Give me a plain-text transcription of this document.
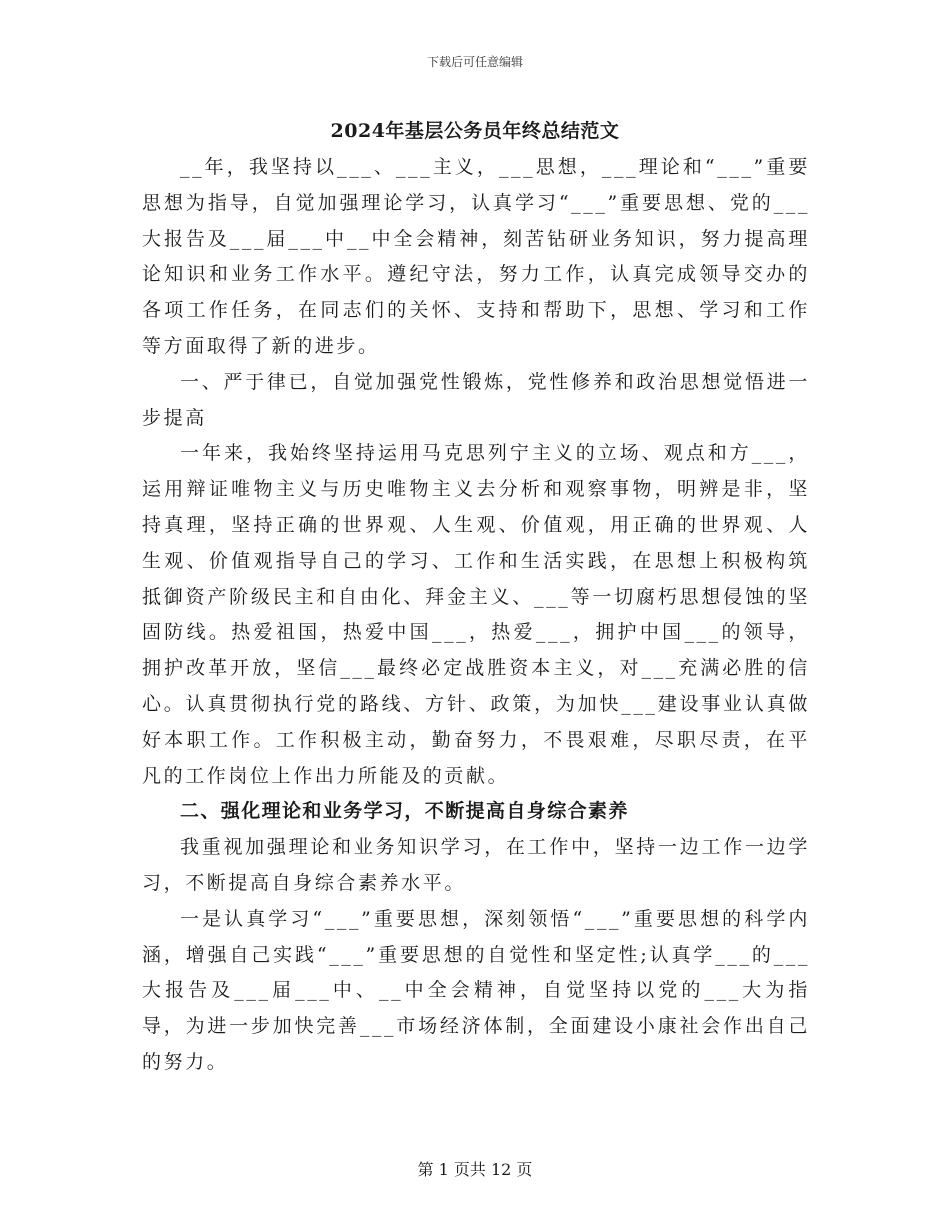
下载后可任意编辑
2024年基层公务员年终总结范文

__年，我坚持以___、___主义，___思想，___理论和“___”重要思想为指导，自觉加强理论学习，认真学习“___”重要思想、党的___大报告及___届___中__中全会精神，刻苦钻研业务知识，努力提高理论知识和业务工作水平。遵纪守法，努力工作，认真完成领导交办的各项工作任务，在同志们的关怀、支持和帮助下，思想、学习和工作等方面取得了新的进步。

一、严于律已，自觉加强党性锻炼，党性修养和政治思想觉悟进一步提高

一年来，我始终坚持运用马克思列宁主义的立场、观点和方___，运用辩证唯物主义与历史唯物主义去分析和观察事物，明辨是非，坚持真理，坚持正确的世界观、人生观、价值观，用正确的世界观、人生观、价值观指导自己的学习、工作和生活实践，在思想上积极构筑抵御资产阶级民主和自由化、拜金主义、___等一切腐朽思想侵蚀的坚固防线。热爱祖国，热爱中国___，热爱___，拥护中国___的领导，拥护改革开放，坚信___最终必定战胜资本主义，对___充满必胜的信心。认真贯彻执行党的路线、方针、政策，为加快___建设事业认真做好本职工作。工作积极主动，勤奋努力，不畏艰难，尽职尽责，在平凡的工作岗位上作出力所能及的贡献。

二、强化理论和业务学习，不断提高自身综合素养

我重视加强理论和业务知识学习，在工作中，坚持一边工作一边学习，不断提高自身综合素养水平。

一是认真学习“___”重要思想，深刻领悟“___”重要思想的科学内涵，增强自己实践“___”重要思想的自觉性和坚定性;认真学___的___大报告及___届___中、__中全会精神，自觉坚持以党的___大为指导，为进一步加快完善___市场经济体制，全面建设小康社会作出自己的努力。

第 1 页共 12 页
